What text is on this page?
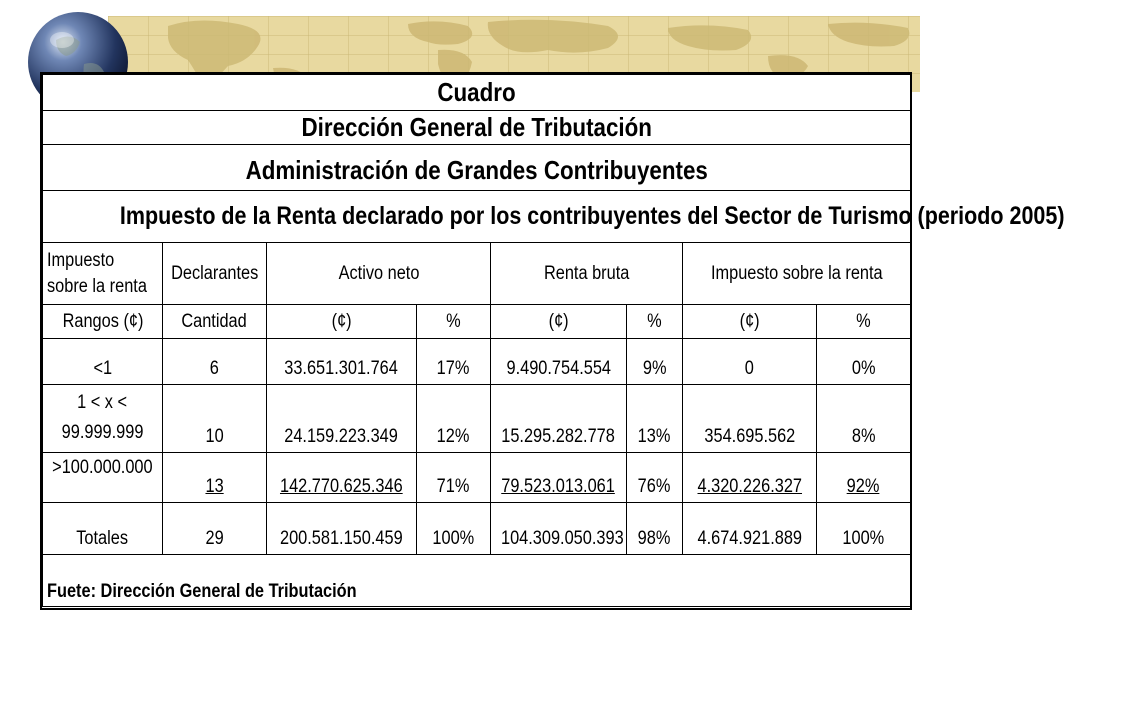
Cuadro							
Dirección General de Tributación							
Administración de Grandes Contribuyentes							
Impuesto de la Renta declarado por los contribuyentes del Sector de Turismo (periodo 2005)							
Impuesto
sobre la renta	Declarantes	Activo neto		Renta bruta		Impuesto sobre la renta	
Rangos (¢)	Cantidad	(¢)	%	(¢)	%	(¢)	%
<1	6	33.651.301.764	17%	9.490.754.554	9%	0	0%
1 < x <
99.999.999	10	24.159.223.349	12%	15.295.282.778	13%	354.695.562	8%
>100.000.000	13	142.770.625.346	71%	79.523.013.061	76%	4.320.226.327	92%
Totales	29	200.581.150.459	100%	104.309.050.393	98%	4.674.921.889	100%
Fuete: Dirección General de Tributación							
